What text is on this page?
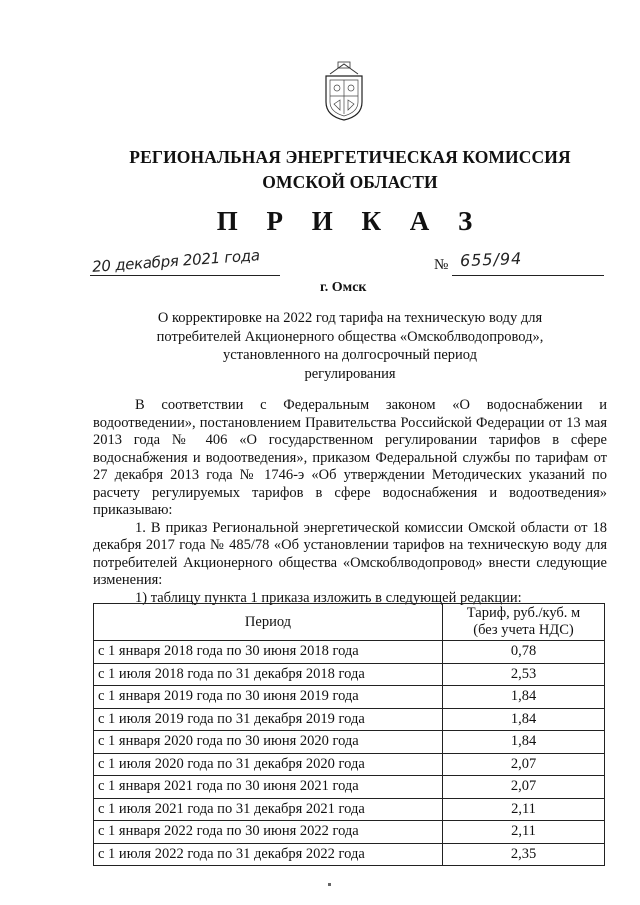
РЕГИОНАЛЬНАЯ ЭНЕРГЕТИЧЕСКАЯ КОМИССИЯ
ОМСКОЙ ОБЛАСТИ
П Р И К А З
20 декабря 2021 года	№ 655/94
г. Омск
О корректировке на 2022 год тарифа на техническую воду для
потребителей Акционерного общества «Омскоблводопровод»,
установленного на долгосрочный период
регулирования

В соответствии с Федеральным законом «О водоснабжении и водоотведении», постановлением Правительства Российской Федерации от 13 мая 2013 года № 406 «О государственном регулировании тарифов в сфере водоснабжения и водоотведения», приказом Федеральной службы по тарифам от 27 декабря 2013 года № 1746-э «Об утверждении Методических указаний по расчету регулируемых тарифов в сфере водоснабжения и водоотведения» приказываю:

1. В приказ Региональной энергетической комиссии Омской области от 18 декабря 2017 года № 485/78 «Об установлении тарифов на техническую воду для потребителей Акционерного общества «Омскоблводопровод» внести следующие изменения:

1) таблицу пункта 1 приказа изложить в следующей редакции:

Период	Тариф, руб./куб. м
(без учета НДС)

с 1 января 2018 года по 30 июня 2018 года	0,78
с 1 июля 2018 года по 31 декабря 2018 года	2,53
с 1 января 2019 года по 30 июня 2019 года	1,84
с 1 июля 2019 года по 31 декабря 2019 года	1,84
с 1 января 2020 года по 30 июня 2020 года	1,84
с 1 июля 2020 года по 31 декабря 2020 года	2,07
с 1 января 2021 года по 30 июня 2021 года	2,07
с 1 июля 2021 года по 31 декабря 2021 года	2,11
с 1 января 2022 года по 30 июня 2022 года	2,11
с 1 июля 2022 года по 31 декабря 2022 года	2,35
